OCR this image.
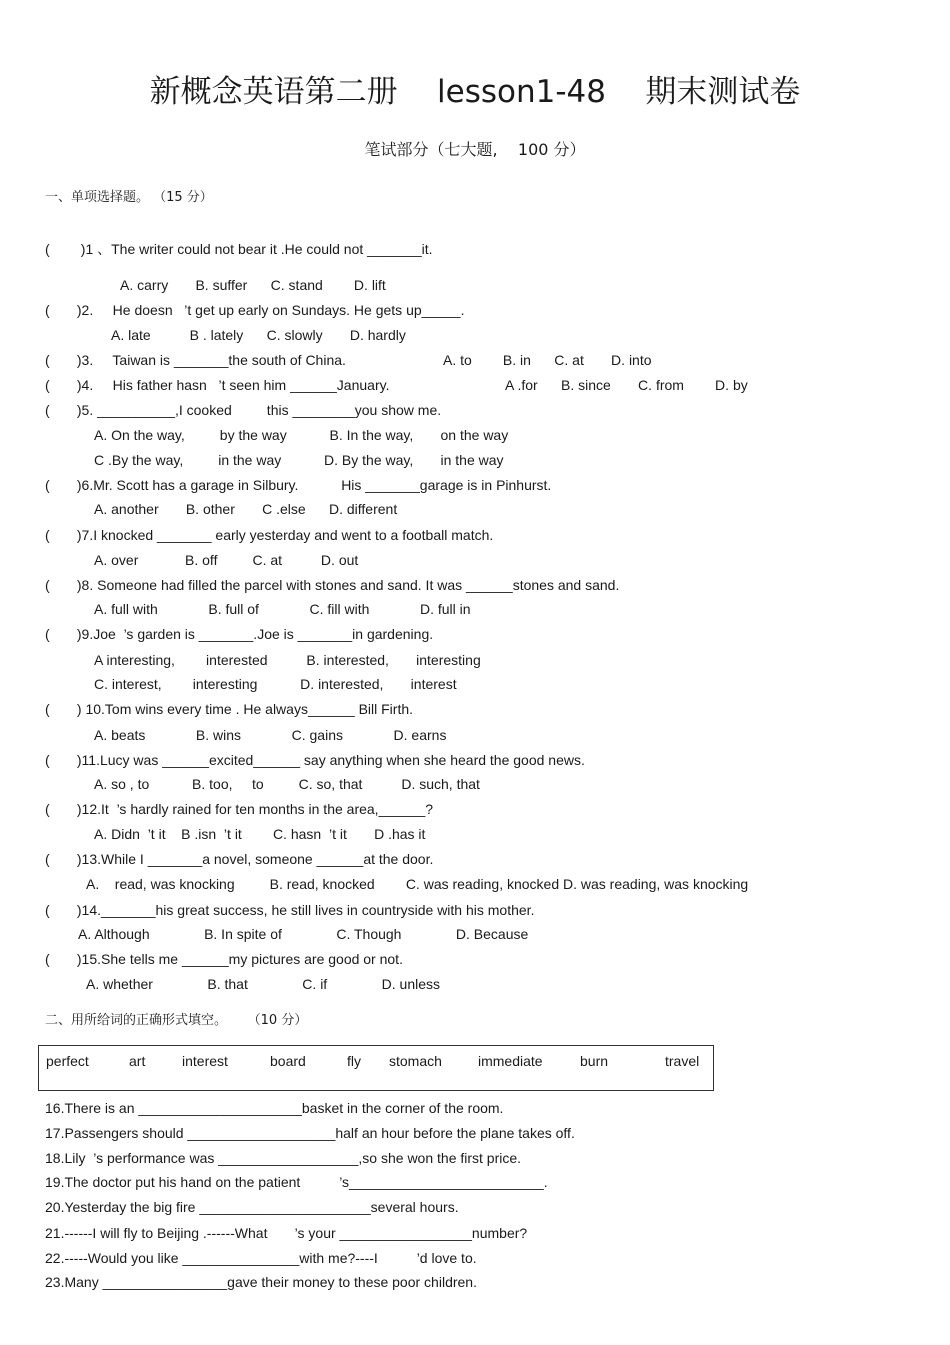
新概念英语第二册    lesson1-48    期末测试卷
笔试部分（七大题,    100 分）
一、单项选择题。 （15 分）
(        )1 、The writer could not bear it .He could not _______it.
A. carry       B. suffer      C. stand        D. lift
(       )2.     He doesn   ’t get up early on Sundays. He gets up_____.
A. late          B . lately      C. slowly       D. hardly
(       )3.     Taiwan is _______the south of China.	A. to        B. in      C. at       D. into
(       )4.     His father hasn   ’t seen him ______January.	A .for      B. since       C. from        D. by
(       )5. __________,I cooked         this ________you show me.
A. On the way,         by the way           B. In the way,       on the way
C .By the way,         in the way           D. By the way,       in the way
(       )6.Mr. Scott has a garage in Silbury.           His _______garage is in Pinhurst.
A. another       B. other       C .else      D. different
(       )7.I knocked _______ early yesterday and went to a football match.
A. over            B. off         C. at          D. out
(       )8. Someone had filled the parcel with stones and sand. It was ______stones and sand.
A. full with             B. full of             C. fill with             D. full in
(       )9.Joe  ’s garden is _______.Joe is _______in gardening.
A interesting,        interested          B. interested,       interesting
C. interest,        interesting           D. interested,       interest
(       ) 10.Tom wins every time . He always______ Bill Firth.
A. beats             B. wins             C. gains             D. earns
(       )11.Lucy was ______excited______ say anything when she heard the good news.
A. so , to           B. too,     to         C. so, that          D. such, that
(       )12.It  ’s hardly rained for ten months in the area,______?
A. Didn  ’t it    B .isn  ’t it        C. hasn  ’t it       D .has it
(       )13.While I _______a novel, someone ______at the door.
A.    read, was knocking         B. read, knocked        C. was reading, knocked D. was reading, was knocking
(       )14._______his great success, he still lives in countryside with his mother.
A. Although              B. In spite of              C. Though              D. Because
(       )15.She tells me ______my pictures are good or not.
A. whether              B. that              C. if              D. unless
二、用所给词的正确形式填空。     （10 分）
perfect	art	interest	board	fly stomach	immediate	burn	travel
16.There is an _____________________basket in the corner of the room.
17.Passengers should ___________________half an hour before the plane takes off.
18.Lily  ’s performance was __________________,so she won the first price.
19.The doctor put his hand on the patient          ’s_________________________.
20.Yesterday the big fire ______________________several hours.
21.------I will fly to Beijing .------What       ’s your _________________number?
22.-----Would you like _______________with me?----I          ’d love to.
23.Many ________________gave their money to these poor children.
